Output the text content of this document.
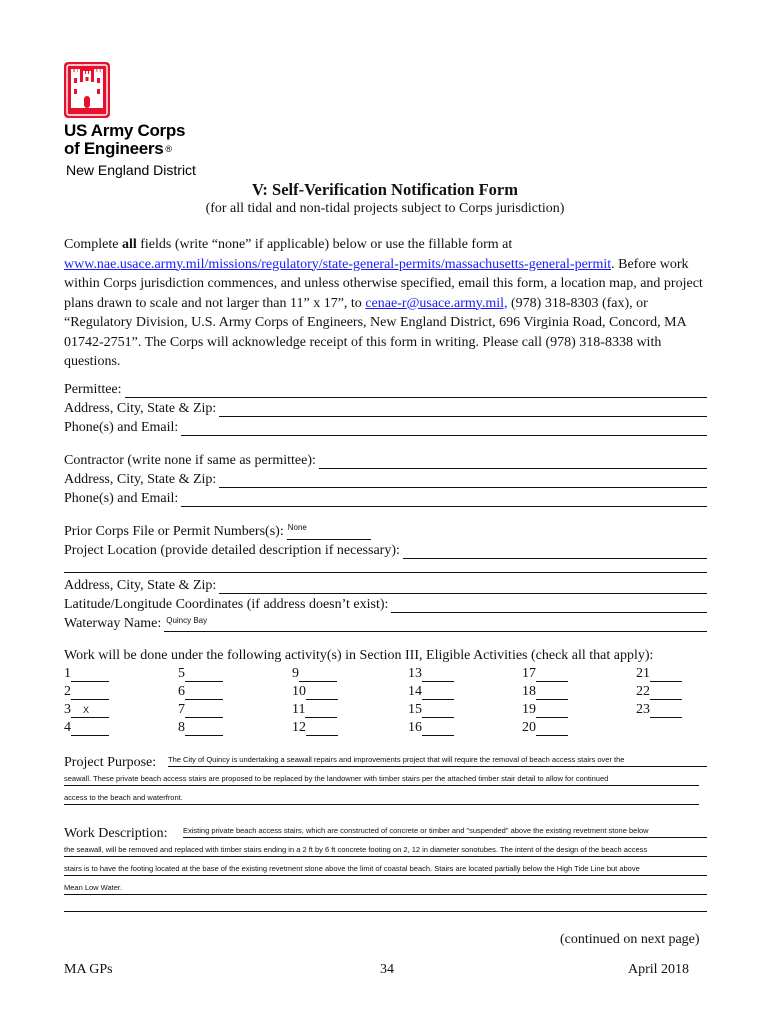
US Army Corps
of Engineers ®
New England District
V: Self-Verification Notification Form
(for all tidal and non-tidal projects subject to Corps jurisdiction)
Complete all fields (write “none” if applicable) below or use the fillable form at
www.nae.usace.army.mil/missions/regulatory/state-general-permits/massachusetts-general-permit. Before work within Corps jurisdiction commences, and unless otherwise specified, email this form, a location map, and project plans drawn to scale and not larger than 11” x 17”, to cenae-r@usace.army.mil, (978) 318-8303 (fax), or “Regulatory Division, U.S. Army Corps of Engineers, New England District, 696 Virginia Road, Concord, MA 01742-2751”. The Corps will acknowledge receipt of this form in writing. Please call (978) 318-8338 with questions.
Permittee:
Address, City, State & Zip:
Phone(s) and Email:
Contractor (write none if same as permittee):
Address, City, State & Zip:
Phone(s) and Email:
Prior Corps File or Permit Numbers(s): None
Project Location (provide detailed description if necessary):
Address, City, State & Zip:
Latitude/Longitude Coordinates (if address doesn’t exist):
Waterway Name: Quincy Bay
Work will be done under the following activity(s) in Section III, Eligible Activities (check all that apply):
1
2
3 X
4
5
6
7
8
9
10
11
12
13
14
15
16
17
18
19
20
21
22
23
Project Purpose: The City of Quincy is undertaking a seawall repairs and improvements project that will require the removal of beach access stairs over the
seawall. These private beach access stairs are proposed to be replaced by the landowner with timber stairs per the attached timber stair detail to allow for continued
access to the beach and waterfront.
Work Description: Existing private beach access stairs, which are constructed of concrete or timber and "suspended" above the existing revetment stone below
the seawall, will be removed and replaced with timber stairs ending in a 2 ft by 6 ft concrete footing on 2, 12 in diameter sonotubes. The intent of the design of the beach access
stairs is to have the footing located at the base of the existing revetment stone above the limit of coastal beach. Stairs are located partially below the High Tide Line but above
Mean Low Water.
(continued on next page)
MA GPs	34	April 2018
